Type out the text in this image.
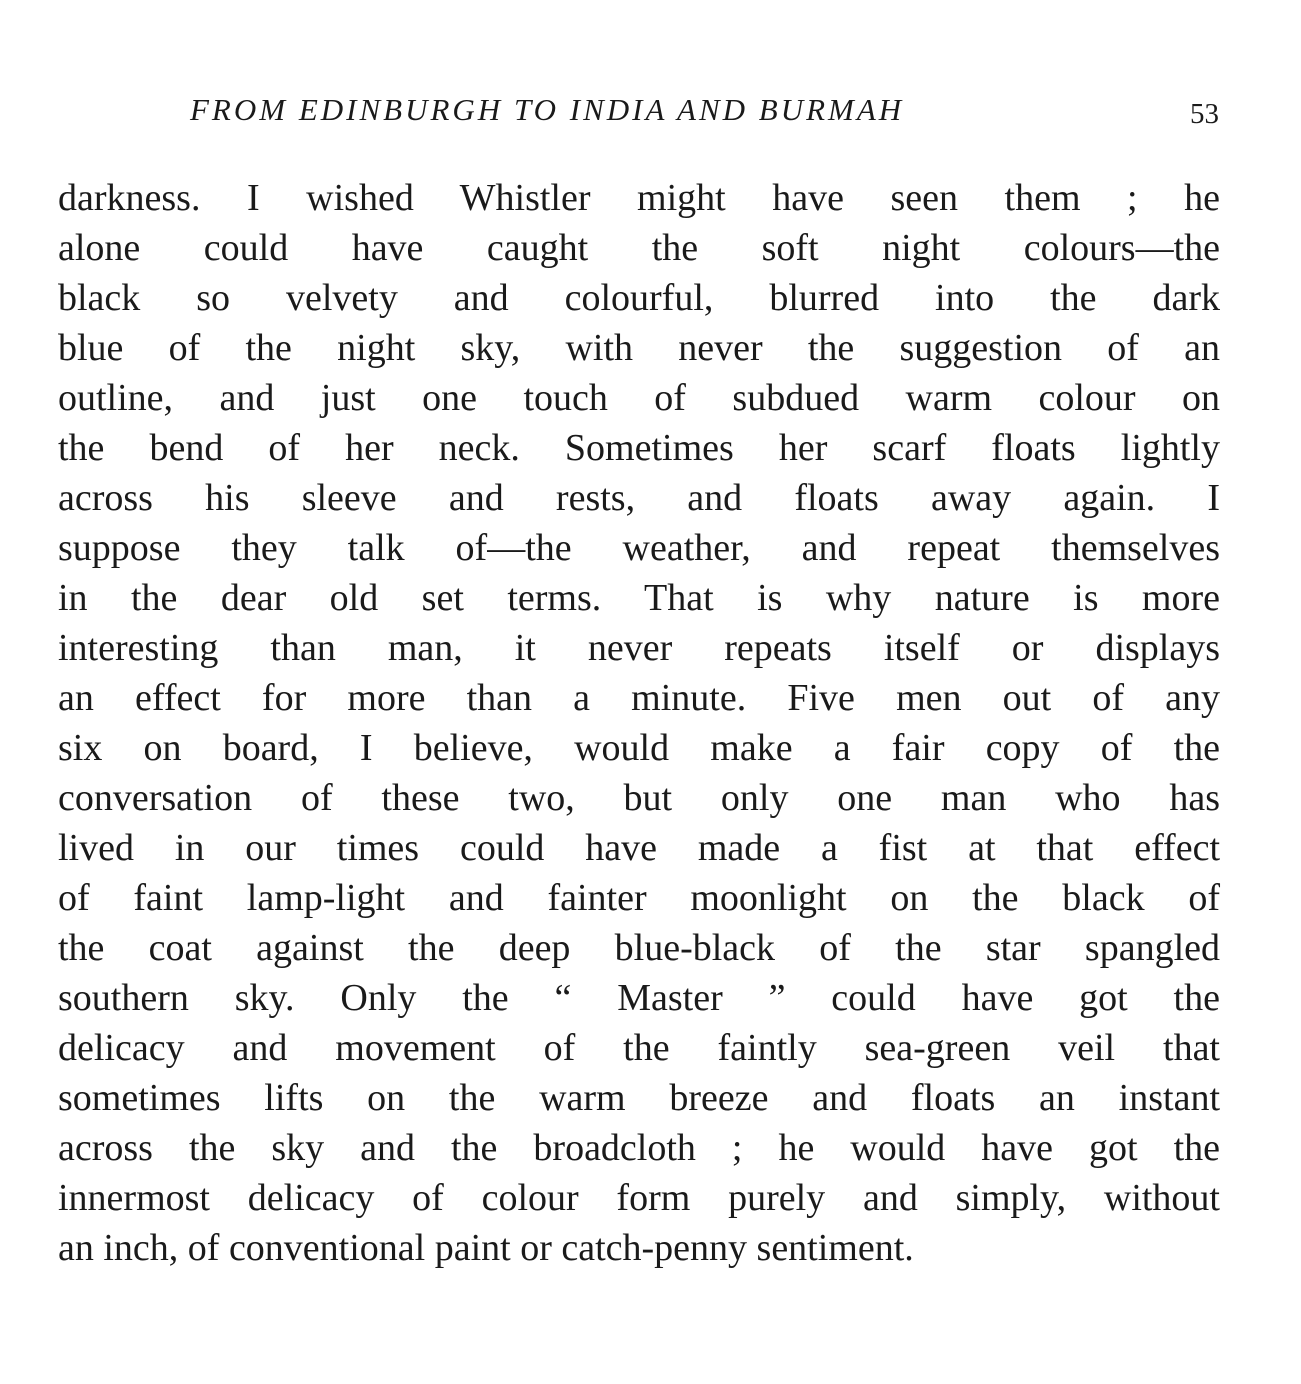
FROM EDINBURGH TO INDIA AND BURMAH	53
darkness. I wished Whistler might have seen them ; he
alone could have caught the soft night colours—the
black so velvety and colourful, blurred into the dark
blue of the night sky, with never the suggestion of an
outline, and just one touch of subdued warm colour on
the bend of her neck. Sometimes her scarf floats lightly
across his sleeve and rests, and floats away again. I
suppose they talk of—the weather, and repeat themselves
in the dear old set terms. That is why nature is more
interesting than man, it never repeats itself or displays
an effect for more than a minute. Five men out of any
six on board, I believe, would make a fair copy of the
conversation of these two, but only one man who has
lived in our times could have made a fist at that effect
of faint lamp-light and fainter moonlight on the black of
the coat against the deep blue-black of the star spangled
southern sky. Only the “ Master ” could have got the
delicacy and movement of the faintly sea-green veil that
sometimes lifts on the warm breeze and floats an instant
across the sky and the broadcloth ; he would have got the
innermost delicacy of colour form purely and simply, without
an inch, of conventional paint or catch-penny sentiment.
